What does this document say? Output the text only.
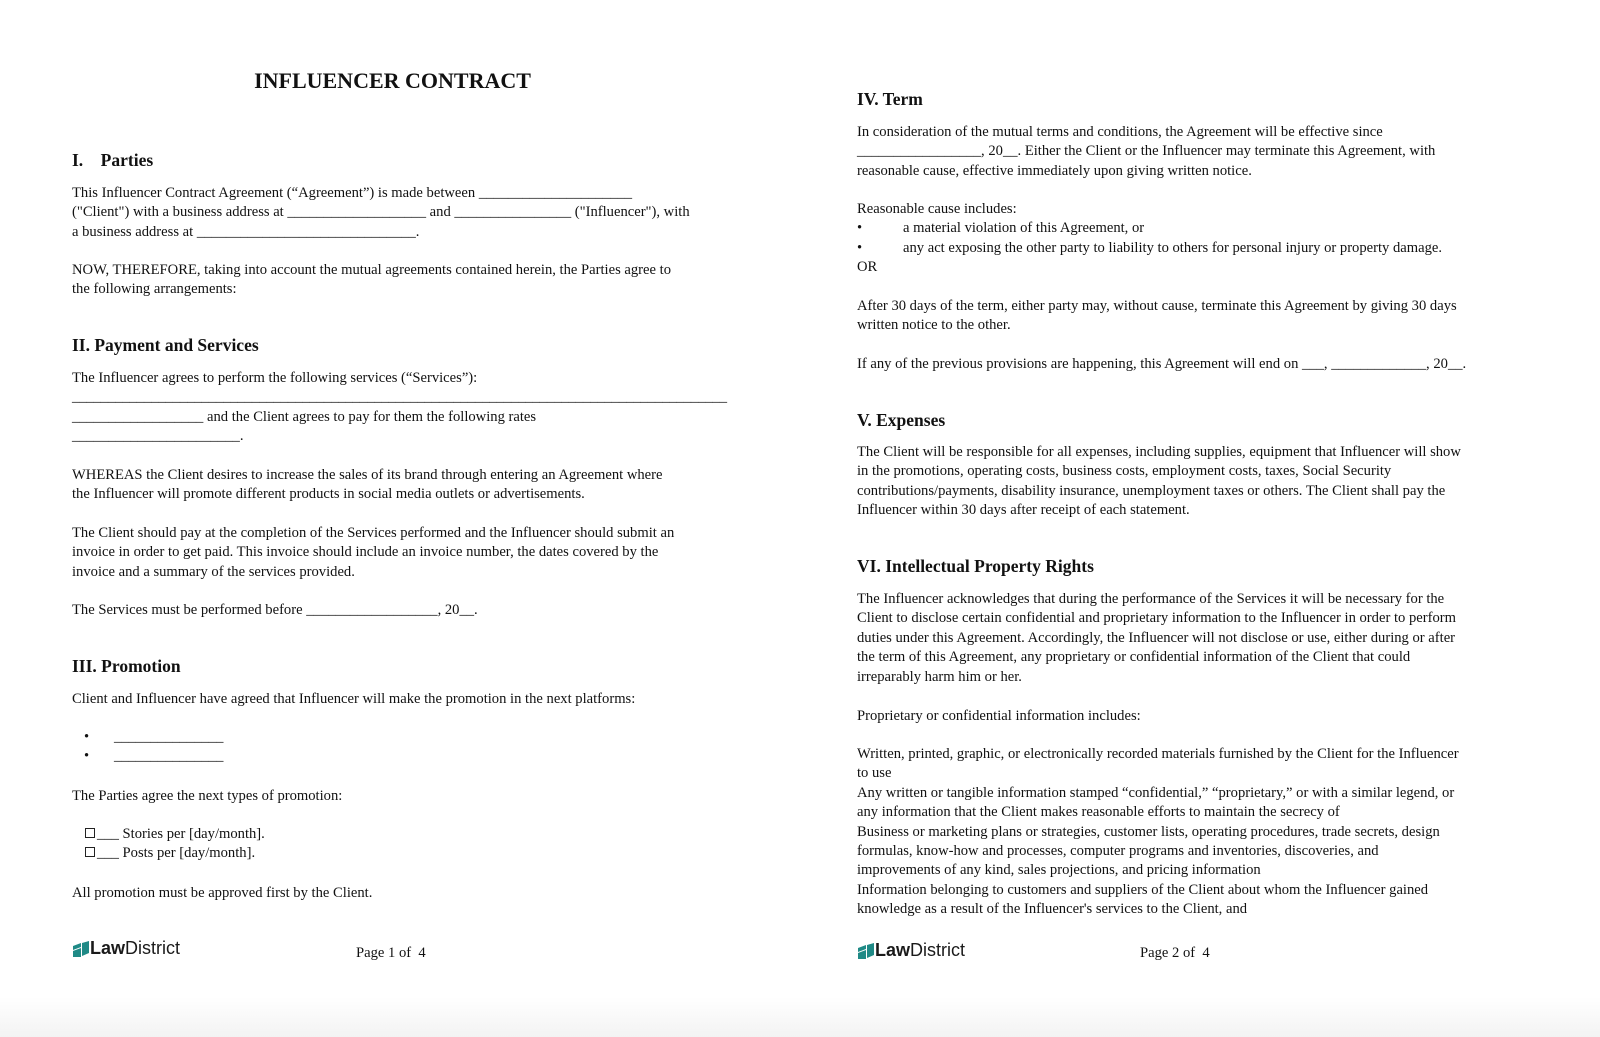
INFLUENCER CONTRACT
I.    Parties
This Influencer Contract Agreement (“Agreement”) is made between _____________________
("Client") with a business address at ___________________ and ________________ ("Influencer"), with
a business address at ______________________________.
NOW, THEREFORE, taking into account the mutual agreements contained herein, the Parties agree to
the following arrangements:
II. Payment and Services
The Influencer agrees to perform the following services (“Services”):
___________________________________________________________________________________________
__________________ and the Client agrees to pay for them the following rates
_______________________.
WHEREAS the Client desires to increase the sales of its brand through entering an Agreement where
the Influencer will promote different products in social media outlets or advertisements.
The Client should pay at the completion of the Services performed and the Influencer should submit an
invoice in order to get paid. This invoice should include an invoice number, the dates covered by the
invoice and a summary of the services provided.
The Services must be performed before __________________, 20__.
III. Promotion
Client and Influencer have agreed that Influencer will make the promotion in the next platforms:
• _______________
• _______________
The Parties agree the next types of promotion:
___ Stories per [day/month].
___ Posts per [day/month].
All promotion must be approved first by the Client.
Law District	Page 1 of  4
IV. Term
In consideration of the mutual terms and conditions, the Agreement will be effective since
_________________, 20__. Either the Client or the Influencer may terminate this Agreement, with
reasonable cause, effective immediately upon giving written notice.
Reasonable cause includes:
•	a material violation of this Agreement, or
•	any act exposing the other party to liability to others for personal injury or property damage.
OR
After 30 days of the term, either party may, without cause, terminate this Agreement by giving 30 days
written notice to the other.
If any of the previous provisions are happening, this Agreement will end on ___, _____________, 20__.
V. Expenses
The Client will be responsible for all expenses, including supplies, equipment that Influencer will show
in the promotions, operating costs, business costs, employment costs, taxes, Social Security
contributions/payments, disability insurance, unemployment taxes or others. The Client shall pay the
Influencer within 30 days after receipt of each statement.
VI. Intellectual Property Rights
The Influencer acknowledges that during the performance of the Services it will be necessary for the
Client to disclose certain confidential and proprietary information to the Influencer in order to perform
duties under this Agreement. Accordingly, the Influencer will not disclose or use, either during or after
the term of this Agreement, any proprietary or confidential information of the Client that could
irreparably harm him or her.
Proprietary or confidential information includes:
Written, printed, graphic, or electronically recorded materials furnished by the Client for the Influencer
to use
Any written or tangible information stamped “confidential,” “proprietary,” or with a similar legend, or
any information that the Client makes reasonable efforts to maintain the secrecy of
Business or marketing plans or strategies, customer lists, operating procedures, trade secrets, design
formulas, know-how and processes, computer programs and inventories, discoveries, and
improvements of any kind, sales projections, and pricing information
Information belonging to customers and suppliers of the Client about whom the Influencer gained
knowledge as a result of the Influencer's services to the Client, and
Law District	Page 2 of  4
